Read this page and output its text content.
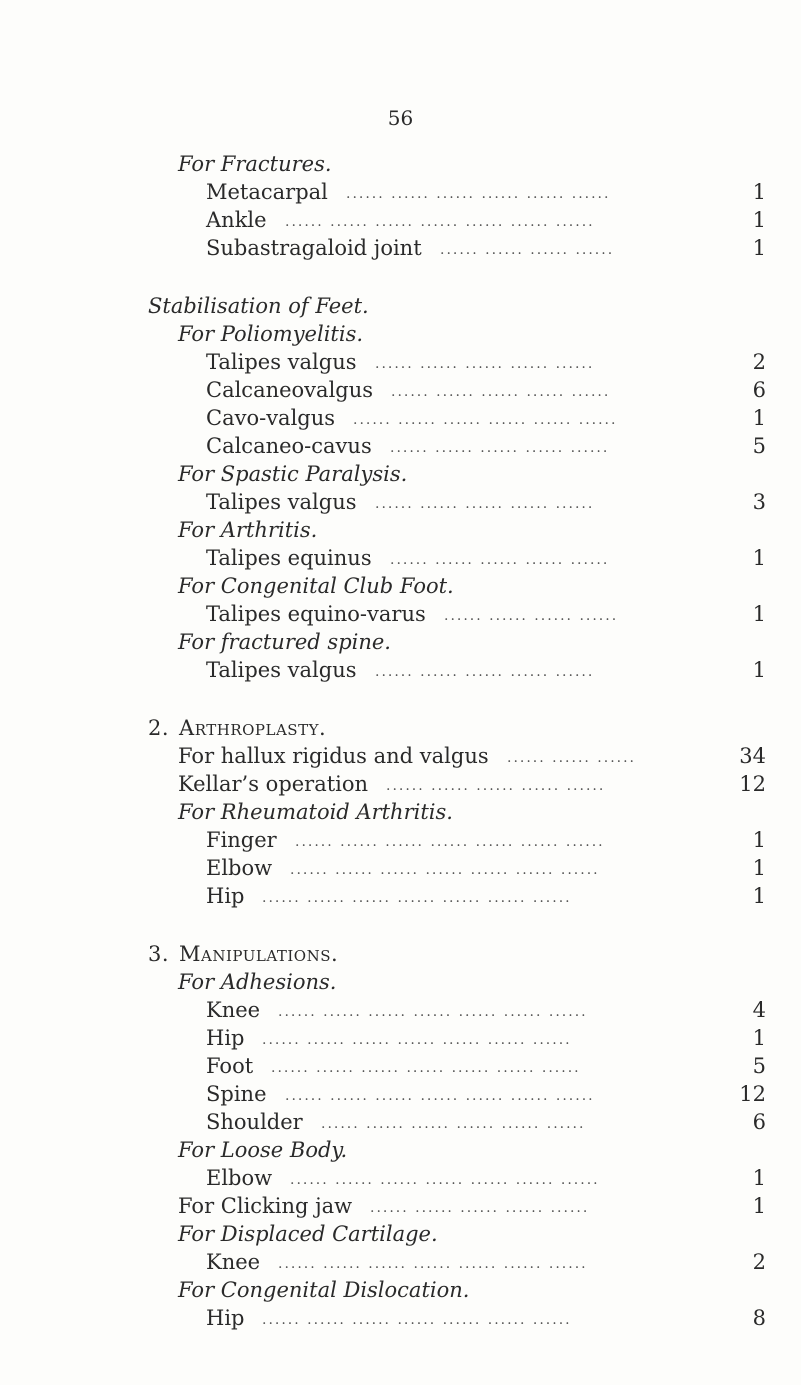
56
For Fractures.
Metacarpal ...... ...... ...... ...... ...... ......	1
Ankle ...... ...... ...... ...... ...... ...... ......	1
Subastragaloid joint ...... ...... ...... ......	1
Stabilisation of Feet.
For Poliomyelitis.
Talipes valgus ...... ...... ...... ...... ......	2
Calcaneovalgus ...... ...... ...... ...... ......	6
Cavo-valgus ...... ...... ...... ...... ...... ......	1
Calcaneo-cavus ...... ...... ...... ...... ......	5
For Spastic Paralysis.
Talipes valgus ...... ...... ...... ...... ......	3
For Arthritis.
Talipes equinus ...... ...... ...... ...... ......	1
For Congenital Club Foot.
Talipes equino-varus ...... ...... ...... ......	1
For fractured spine.
Talipes valgus ...... ...... ...... ...... ......	1
2. Arthroplasty.
For hallux rigidus and valgus ...... ...... ......	34
Kellar’s operation ...... ...... ...... ...... ......	12
For Rheumatoid Arthritis.
Finger ...... ...... ...... ...... ...... ...... ......	1
Elbow ...... ...... ...... ...... ...... ...... ......	1
Hip ...... ...... ...... ...... ...... ...... ......	1
3. Manipulations.
For Adhesions.
Knee ...... ...... ...... ...... ...... ...... ......	4
Hip ...... ...... ...... ...... ...... ...... ......	1
Foot ...... ...... ...... ...... ...... ...... ......	5
Spine ...... ...... ...... ...... ...... ...... ......	12
Shoulder ...... ...... ...... ...... ...... ......	6
For Loose Body.
Elbow ...... ...... ...... ...... ...... ...... ......	1
For Clicking jaw ...... ...... ...... ...... ......	1
For Displaced Cartilage.
Knee ...... ...... ...... ...... ...... ...... ......	2
For Congenital Dislocation.
Hip ...... ...... ...... ...... ...... ...... ......	8
